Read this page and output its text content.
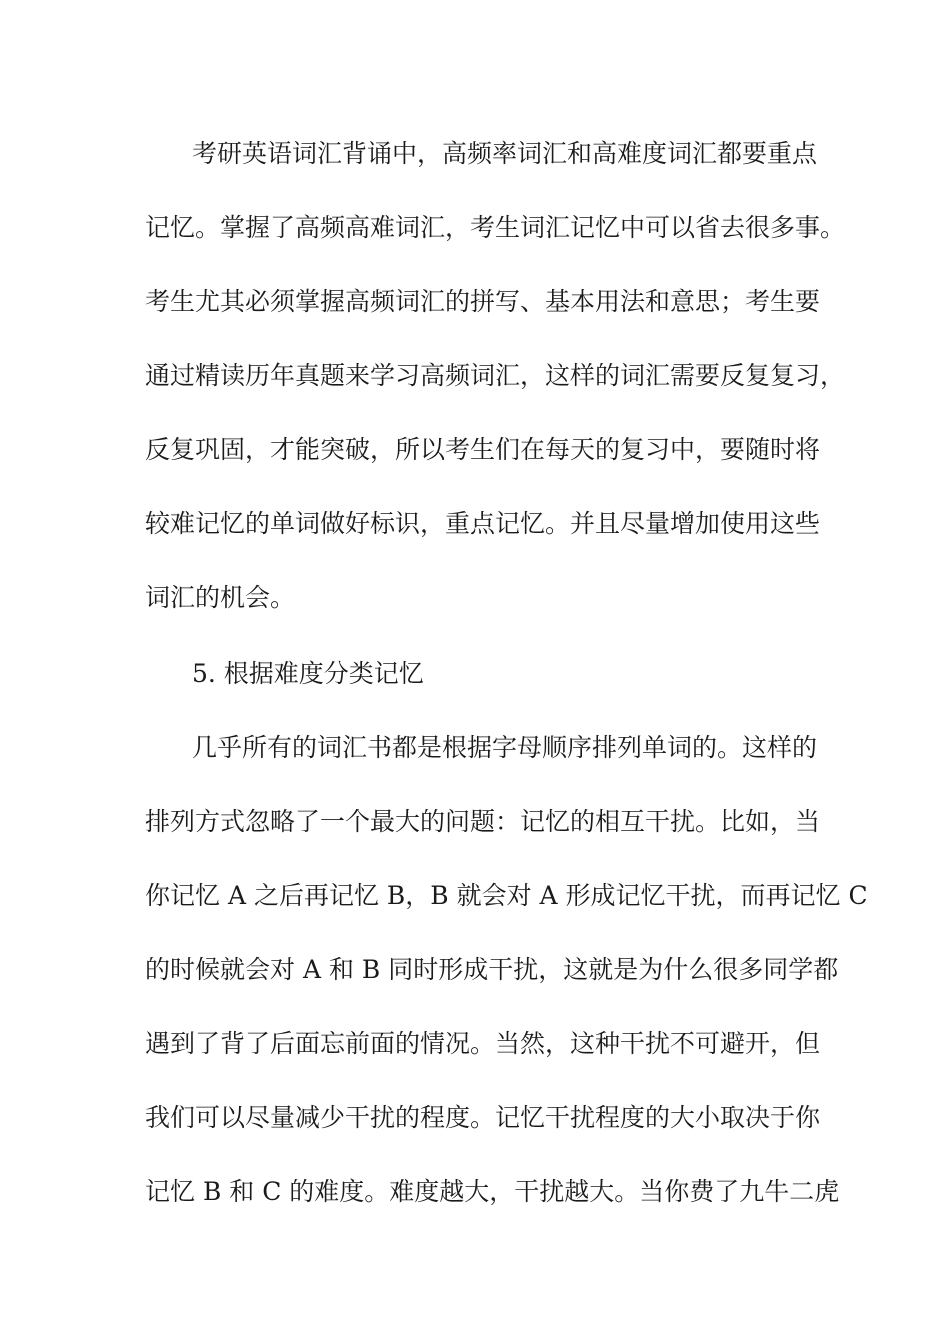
考研英语词汇背诵中，高频率词汇和高难度词汇都要重点
记忆。掌握了高频高难词汇，考生词汇记忆中可以省去很多事。
考生尤其必须掌握高频词汇的拼写、基本用法和意思；考生要
通过精读历年真题来学习高频词汇，这样的词汇需要反复复习，
反复巩固，才能突破，所以考生们在每天的复习中，要随时将
较难记忆的单词做好标识，重点记忆。并且尽量增加使用这些
词汇的机会。
5. 根据难度分类记忆
几乎所有的词汇书都是根据字母顺序排列单词的。这样的
排列方式忽略了一个最大的问题：记忆的相互干扰。比如，当
你记忆 A 之后再记忆 B，B 就会对 A 形成记忆干扰，而再记忆 C
的时候就会对 A 和 B 同时形成干扰，这就是为什么很多同学都
遇到了背了后面忘前面的情况。当然，这种干扰不可避开，但
我们可以尽量减少干扰的程度。记忆干扰程度的大小取决于你
记忆 B 和 C 的难度。难度越大，干扰越大。当你费了九牛二虎
